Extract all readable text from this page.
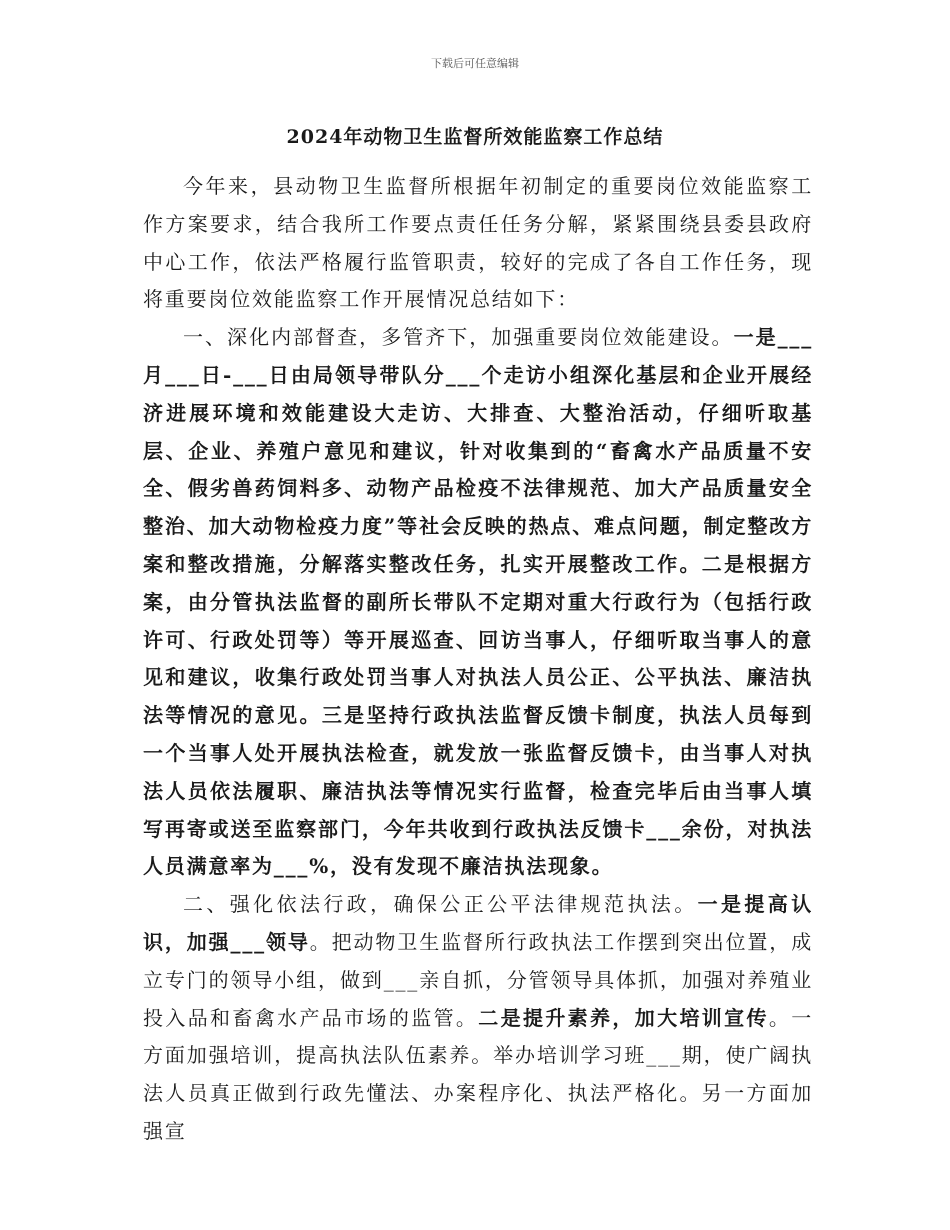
下载后可任意编辑
2024年动物卫生监督所效能监察工作总结

今年来，县动物卫生监督所根据年初制定的重要岗位效能监察工作方案要求，结合我所工作要点责任任务分解，紧紧围绕县委县政府中心工作，依法严格履行监管职责，较好的完成了各自工作任务，现将重要岗位效能监察工作开展情况总结如下：

一、深化内部督查，多管齐下，加强重要岗位效能建设。一是___月___日-___日由局领导带队分___个走访小组深化基层和企业开展经济进展环境和效能建设大走访、大排查、大整治活动，仔细听取基层、企业、养殖户意见和建议，针对收集到的“畜禽水产品质量不安全、假劣兽药饲料多、动物产品检疫不法律规范、加大产品质量安全整治、加大动物检疫力度”等社会反映的热点、难点问题，制定整改方案和整改措施，分解落实整改任务，扎实开展整改工作。二是根据方案，由分管执法监督的副所长带队不定期对重大行政行为（包括行政许可、行政处罚等）等开展巡查、回访当事人，仔细听取当事人的意见和建议，收集行政处罚当事人对执法人员公正、公平执法、廉洁执法等情况的意见。三是坚持行政执法监督反馈卡制度，执法人员每到一个当事人处开展执法检查，就发放一张监督反馈卡，由当事人对执法人员依法履职、廉洁执法等情况实行监督，检查完毕后由当事人填写再寄或送至监察部门，今年共收到行政执法反馈卡___余份，对执法人员满意率为___%，没有发现不廉洁执法现象。

二、强化依法行政，确保公正公平法律规范执法。一是提高认识，加强___领导。把动物卫生监督所行政执法工作摆到突出位置，成立专门的领导小组，做到___亲自抓，分管领导具体抓，加强对养殖业投入品和畜禽水产品市场的监管。二是提升素养，加大培训宣传。一方面加强培训，提高执法队伍素养。举办培训学习班___期，使广阔执法人员真正做到行政先懂法、办案程序化、执法严格化。另一方面加强宣
